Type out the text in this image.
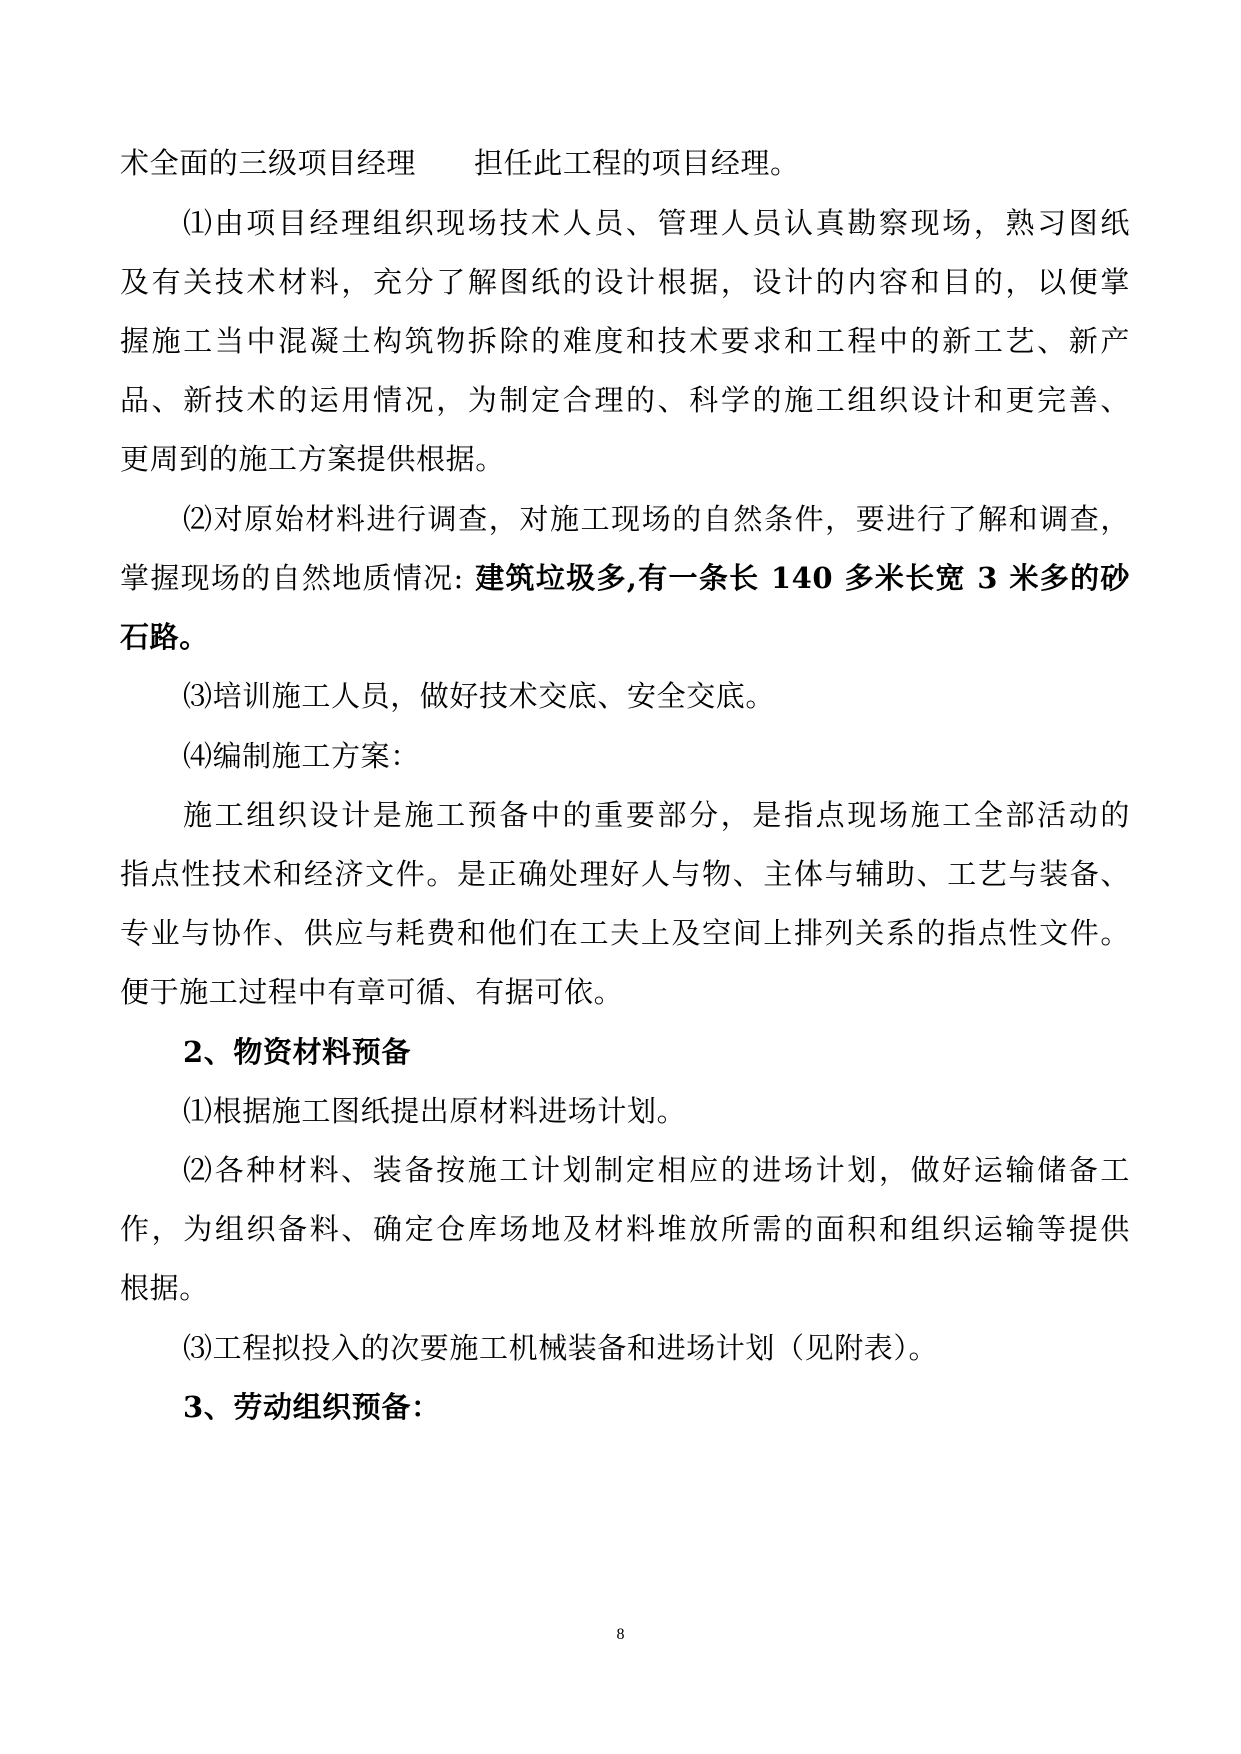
术全面的三级项目经理 担任此工程的项目经理。
⑴由项目经理组织现场技术人员、管理人员认真勘察现场，熟习图纸
及有关技术材料，充分了解图纸的设计根据，设计的内容和目的，以便掌
握施工当中混凝土构筑物拆除的难度和技术要求和工程中的新工艺、新产
品、新技术的运用情况，为制定合理的、科学的施工组织设计和更完善、
更周到的施工方案提供根据。
⑵对原始材料进行调查，对施工现场的自然条件，要进行了解和调查，
掌握现场的自然地质情况: 建筑垃圾多,有一条长 140 多米长宽 3 米多的砂
石路。
⑶培训施工人员，做好技术交底、安全交底。
⑷编制施工方案：
施工组织设计是施工预备中的重要部分，是指点现场施工全部活动的
指点性技术和经济文件。是正确处理好人与物、主体与辅助、工艺与装备、
专业与协作、供应与耗费和他们在工夫上及空间上排列关系的指点性文件。
便于施工过程中有章可循、有据可依。
2、物资材料预备
⑴根据施工图纸提出原材料进场计划。
⑵各种材料、装备按施工计划制定相应的进场计划，做好运输储备工
作，为组织备料、确定仓库场地及材料堆放所需的面积和组织运输等提供
根据。
⑶工程拟投入的次要施工机械装备和进场计划（见附表）。
3、劳动组织预备：
8
